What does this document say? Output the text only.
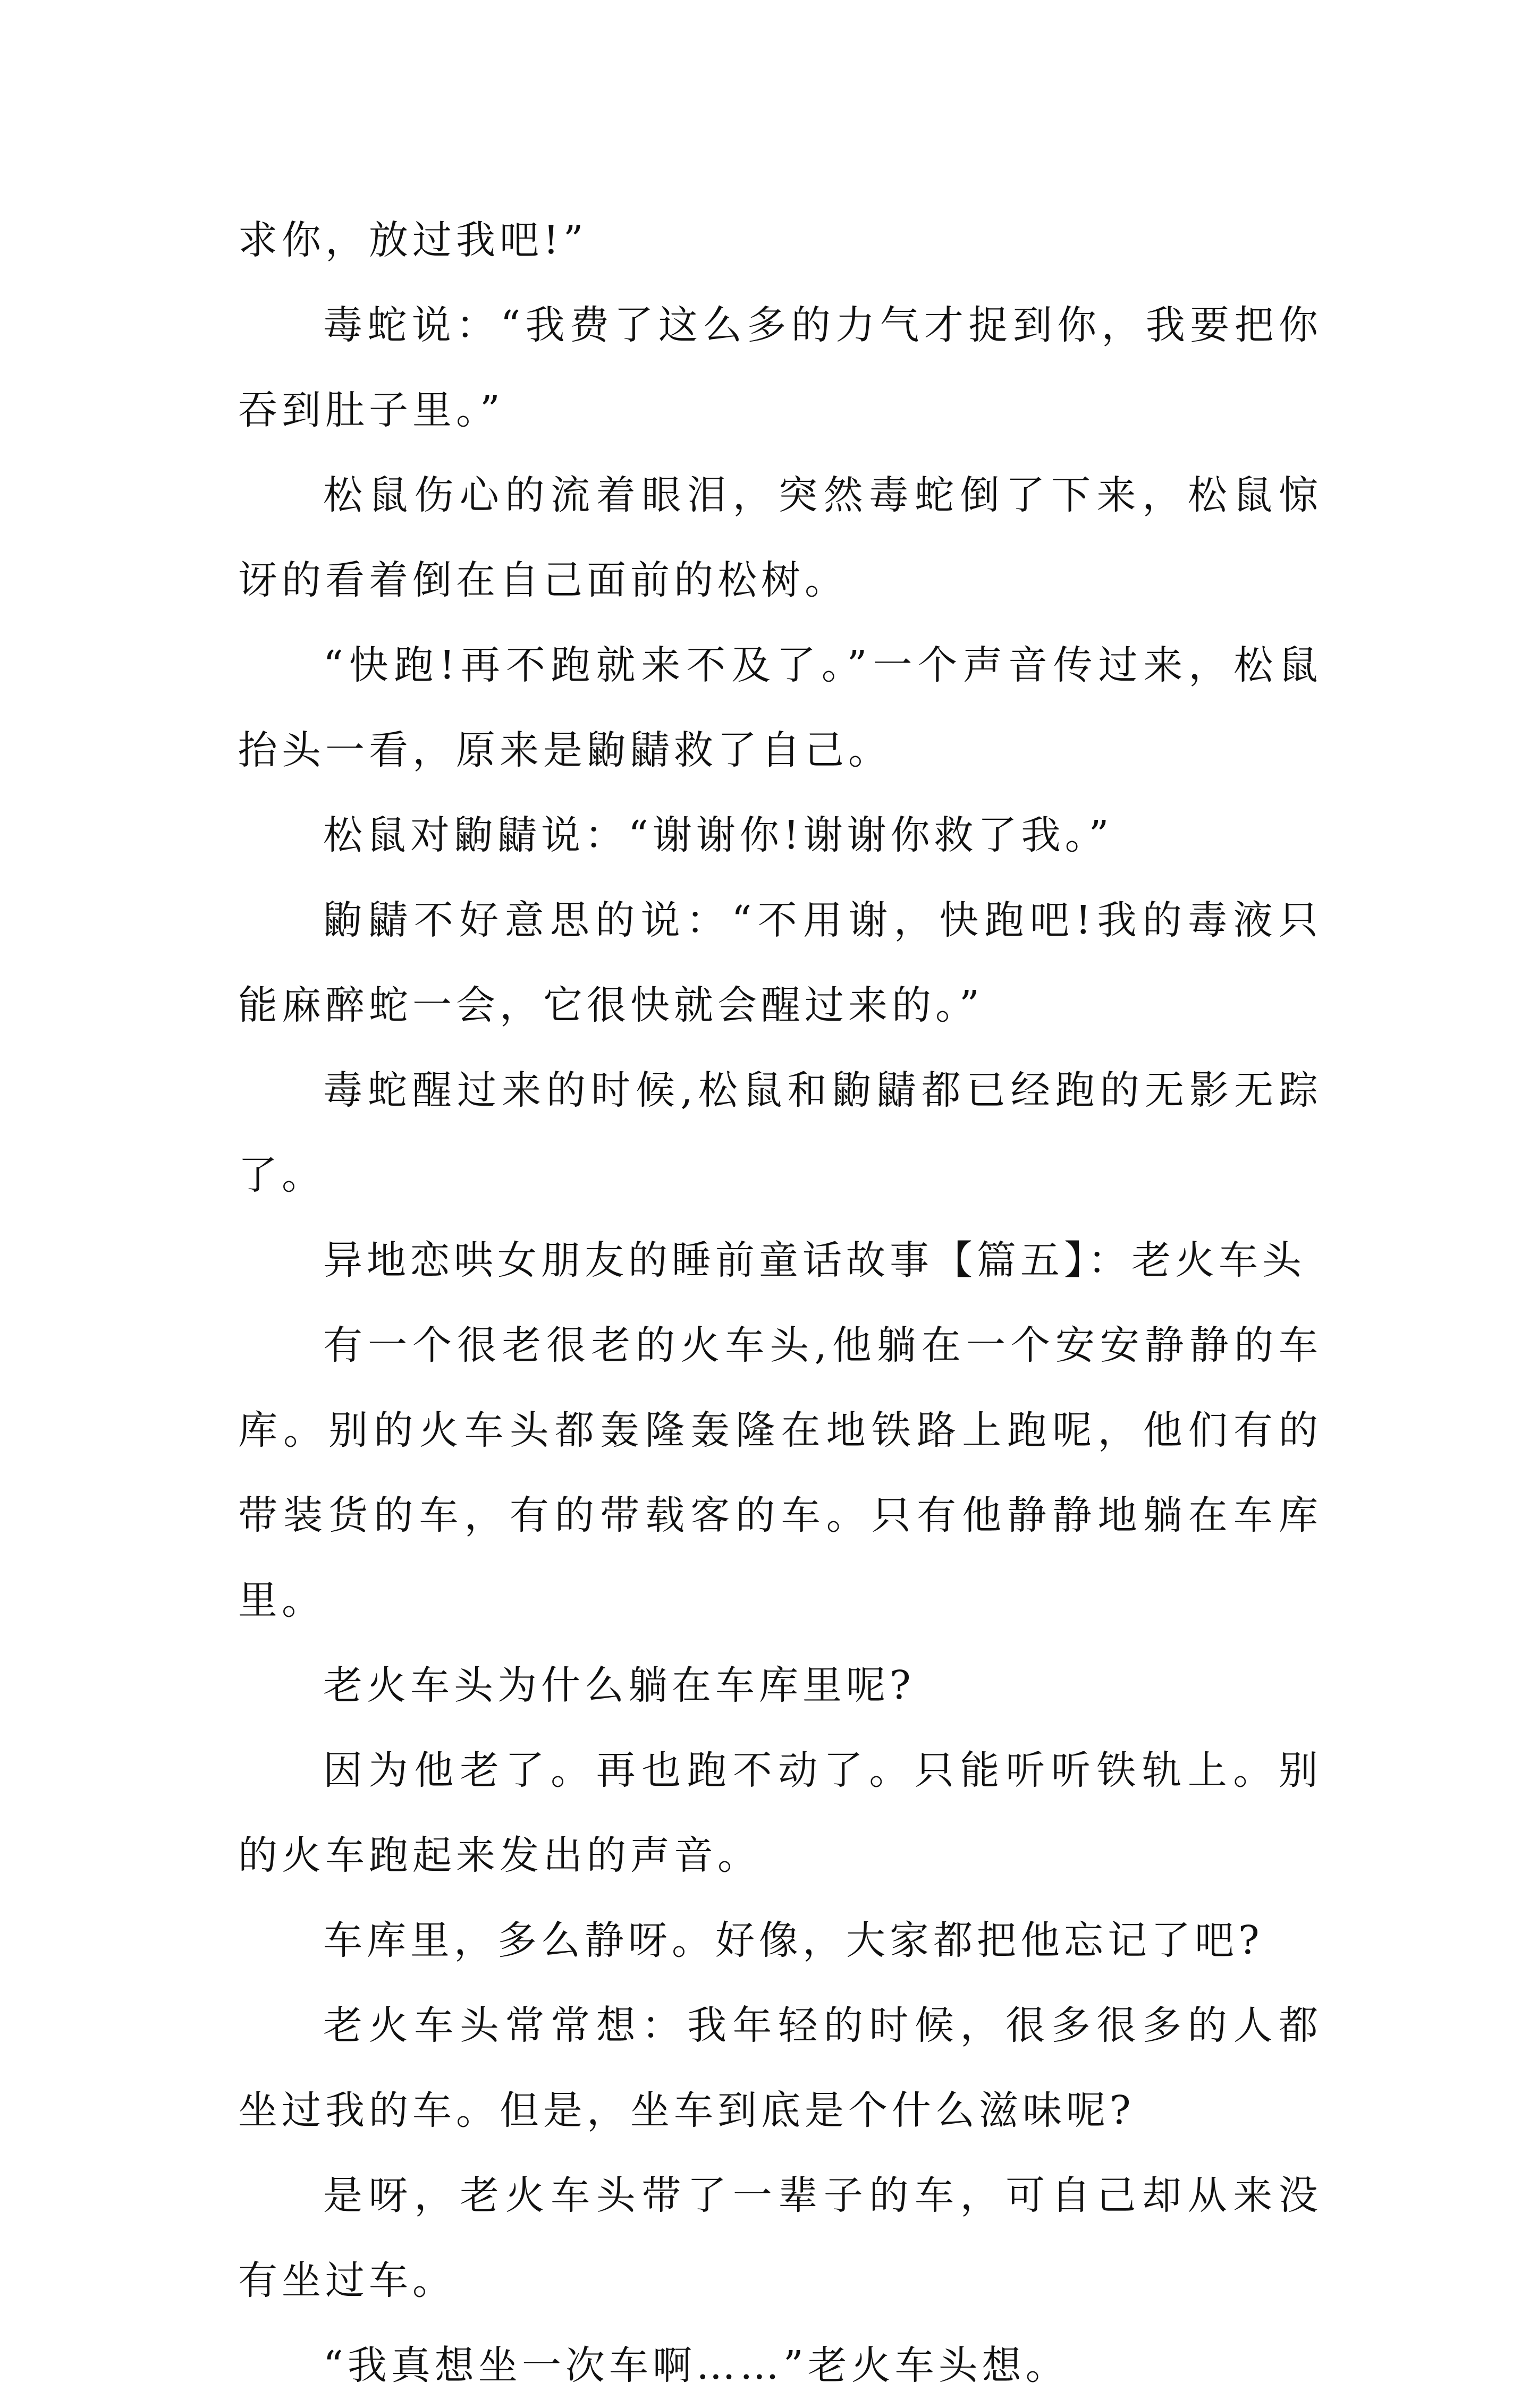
求你，放过我吧!”

毒蛇说：“我费了这么多的力气才捉到你，我要把你吞到肚子里。”

松鼠伤心的流着眼泪，突然毒蛇倒了下来，松鼠惊讶的看着倒在自己面前的松树。

“快跑!再不跑就来不及了。”一个声音传过来，松鼠抬头一看，原来是鼩鼱救了自己。

松鼠对鼩鼱说：“谢谢你!谢谢你救了我。”

鼩鼱不好意思的说：“不用谢，快跑吧!我的毒液只能麻醉蛇一会，它很快就会醒过来的。”

毒蛇醒过来的时候,松鼠和鼩鼱都已经跑的无影无踪了。

异地恋哄女朋友的睡前童话故事【篇五】：老火车头

有一个很老很老的火车头,他躺在一个安安静静的车库。别的火车头都轰隆轰隆在地铁路上跑呢，他们有的带装货的车，有的带载客的车。只有他静静地躺在车库里。

老火车头为什么躺在车库里呢?

因为他老了。再也跑不动了。只能听听铁轨上。别的火车跑起来发出的声音。

车库里，多么静呀。好像，大家都把他忘记了吧?

老火车头常常想：我年轻的时候，很多很多的人都坐过我的车。但是，坐车到底是个什么滋味呢?

是呀，老火车头带了一辈子的车，可自己却从来没有坐过车。

“我真想坐一次车啊……”老火车头想。
